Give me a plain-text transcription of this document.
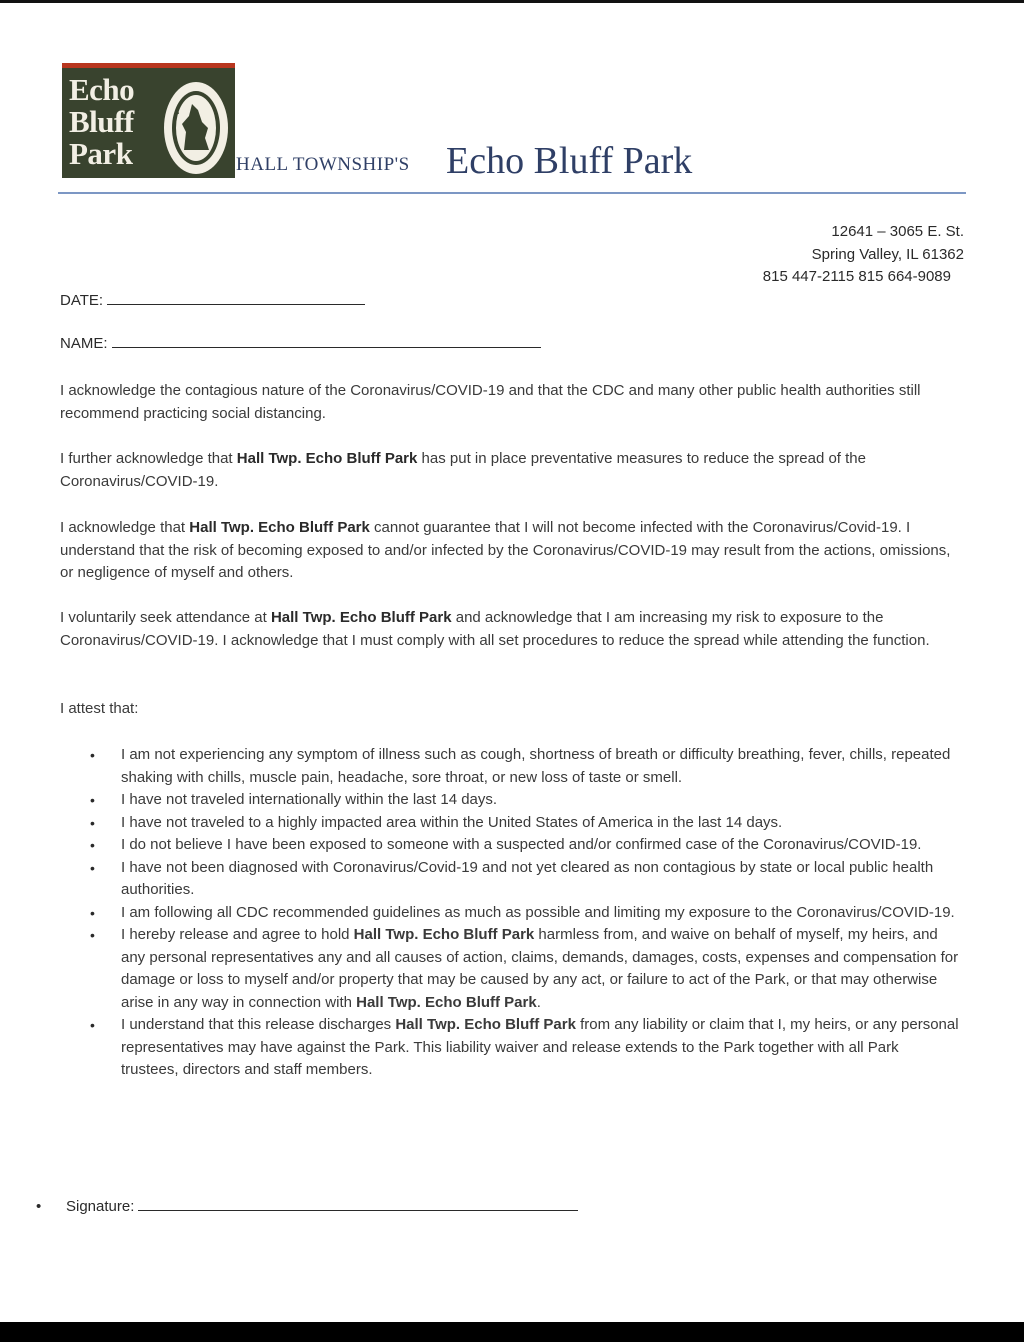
Echo
Bluff
Park	HALL TOWNSHIP'S Echo Bluff Park
12641 – 3065 E. St.
Spring Valley, IL 61362
815 447-2115 815 664-9089
DATE:
NAME:

I acknowledge the contagious nature of the Coronavirus/COVID-19 and that the CDC and many other public health authorities still recommend practicing social distancing.

I further acknowledge that Hall Twp. Echo Bluff Park has put in place preventative measures to reduce the spread of the Coronavirus/COVID-19.

I acknowledge that Hall Twp. Echo Bluff Park cannot guarantee that I will not become infected with the Coronavirus/Covid-19. I understand that the risk of becoming exposed to and/or infected by the Coronavirus/COVID-19 may result from the actions, omissions, or negligence of myself and others.

I voluntarily seek attendance at Hall Twp. Echo Bluff Park and acknowledge that I am increasing my risk to exposure to the Coronavirus/COVID-19. I acknowledge that I must comply with all set procedures to reduce the spread while attending the function.

I attest that:

• I am not experiencing any symptom of illness such as cough, shortness of breath or difficulty breathing, fever, chills, repeated shaking with chills, muscle pain, headache, sore throat, or new loss of taste or smell.
• I have not traveled internationally within the last 14 days.
• I have not traveled to a highly impacted area within the United States of America in the last 14 days.
• I do not believe I have been exposed to someone with a suspected and/or confirmed case of the Coronavirus/COVID-19.
• I have not been diagnosed with Coronavirus/Covid-19 and not yet cleared as non contagious by state or local public health authorities.
• I am following all CDC recommended guidelines as much as possible and limiting my exposure to the Coronavirus/COVID-19.
• I hereby release and agree to hold Hall Twp. Echo Bluff Park harmless from, and waive on behalf of myself, my heirs, and any personal representatives any and all causes of action, claims, demands, damages, costs, expenses and compensation for damage or loss to myself and/or property that may be caused by any act, or failure to act of the Park, or that may otherwise arise in any way in connection with Hall Twp. Echo Bluff Park.
• I understand that this release discharges Hall Twp. Echo Bluff Park from any liability or claim that I, my heirs, or any personal representatives may have against the Park. This liability waiver and release extends to the Park together with all Park trustees, directors and staff members.
• Signature:
